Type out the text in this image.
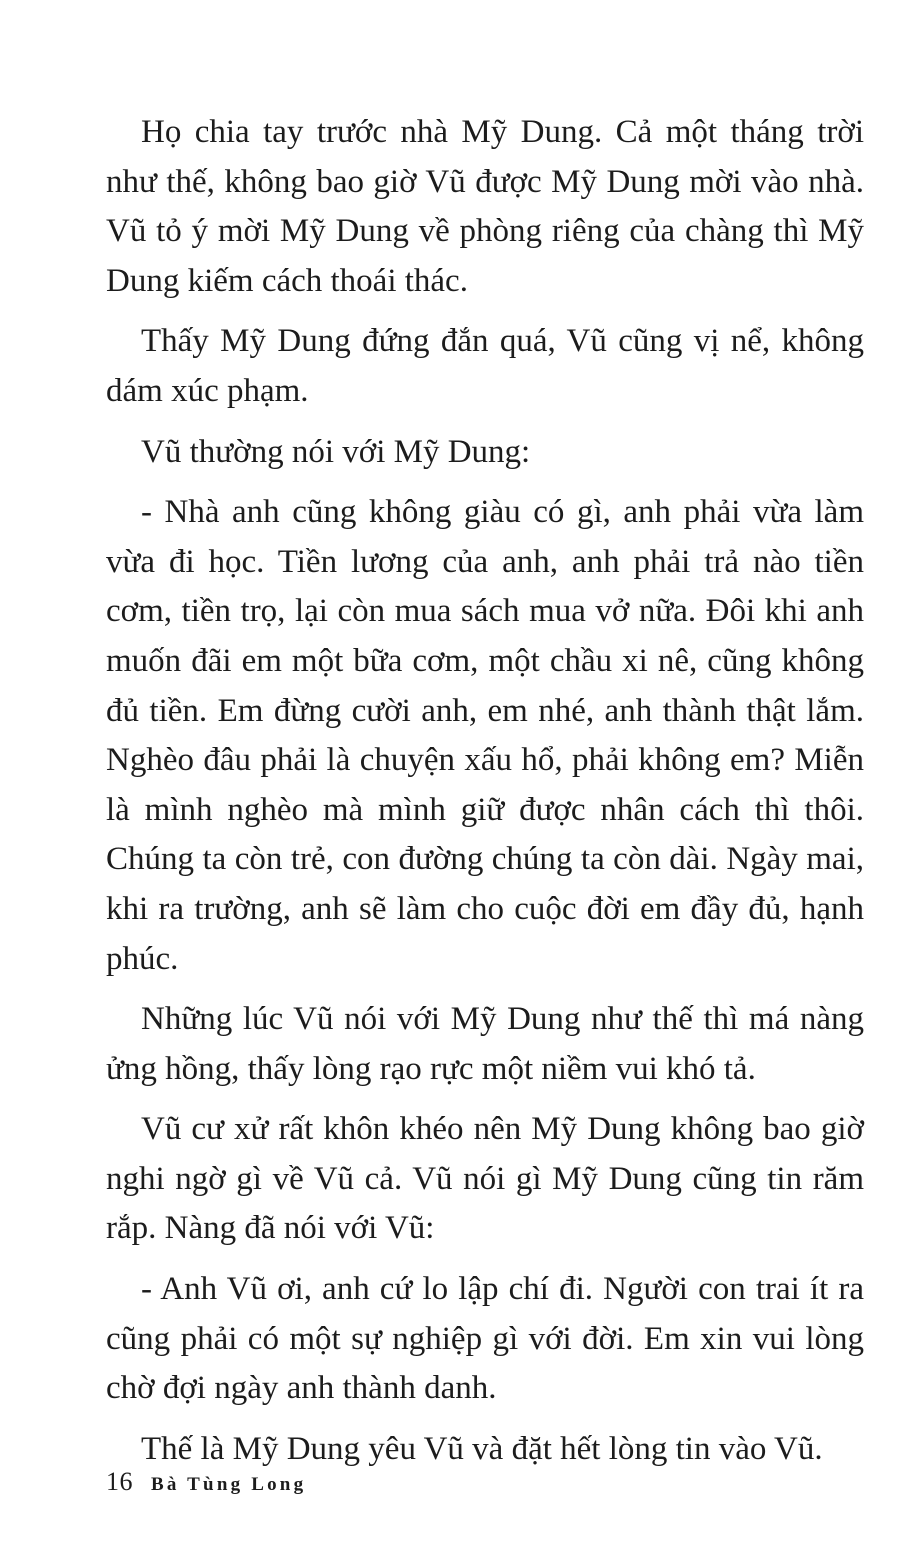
Họ chia tay trước nhà Mỹ Dung. Cả một tháng trời như thế, không bao giờ Vũ được Mỹ Dung mời vào nhà. Vũ tỏ ý mời Mỹ Dung về phòng riêng của chàng thì Mỹ Dung kiếm cách thoái thác.

Thấy Mỹ Dung đứng đắn quá, Vũ cũng vị nể, không dám xúc phạm.

Vũ thường nói với Mỹ Dung:

- Nhà anh cũng không giàu có gì, anh phải vừa làm vừa đi học. Tiền lương của anh, anh phải trả nào tiền cơm, tiền trọ, lại còn mua sách mua vở nữa. Đôi khi anh muốn đãi em một bữa cơm, một chầu xi nê, cũng không đủ tiền. Em đừng cười anh, em nhé, anh thành thật lắm. Nghèo đâu phải là chuyện xấu hổ, phải không em? Miễn là mình nghèo mà mình giữ được nhân cách thì thôi. Chúng ta còn trẻ, con đường chúng ta còn dài. Ngày mai, khi ra trường, anh sẽ làm cho cuộc đời em đầy đủ, hạnh phúc.

Những lúc Vũ nói với Mỹ Dung như thế thì má nàng ửng hồng, thấy lòng rạo rực một niềm vui khó tả.

Vũ cư xử rất khôn khéo nên Mỹ Dung không bao giờ nghi ngờ gì về Vũ cả. Vũ nói gì Mỹ Dung cũng tin răm rắp. Nàng đã nói với Vũ:

- Anh Vũ ơi, anh cứ lo lập chí đi. Người con trai ít ra cũng phải có một sự nghiệp gì với đời. Em xin vui lòng chờ đợi ngày anh thành danh.

Thế là Mỹ Dung yêu Vũ và đặt hết lòng tin vào Vũ.

16 Bà Tùng Long
